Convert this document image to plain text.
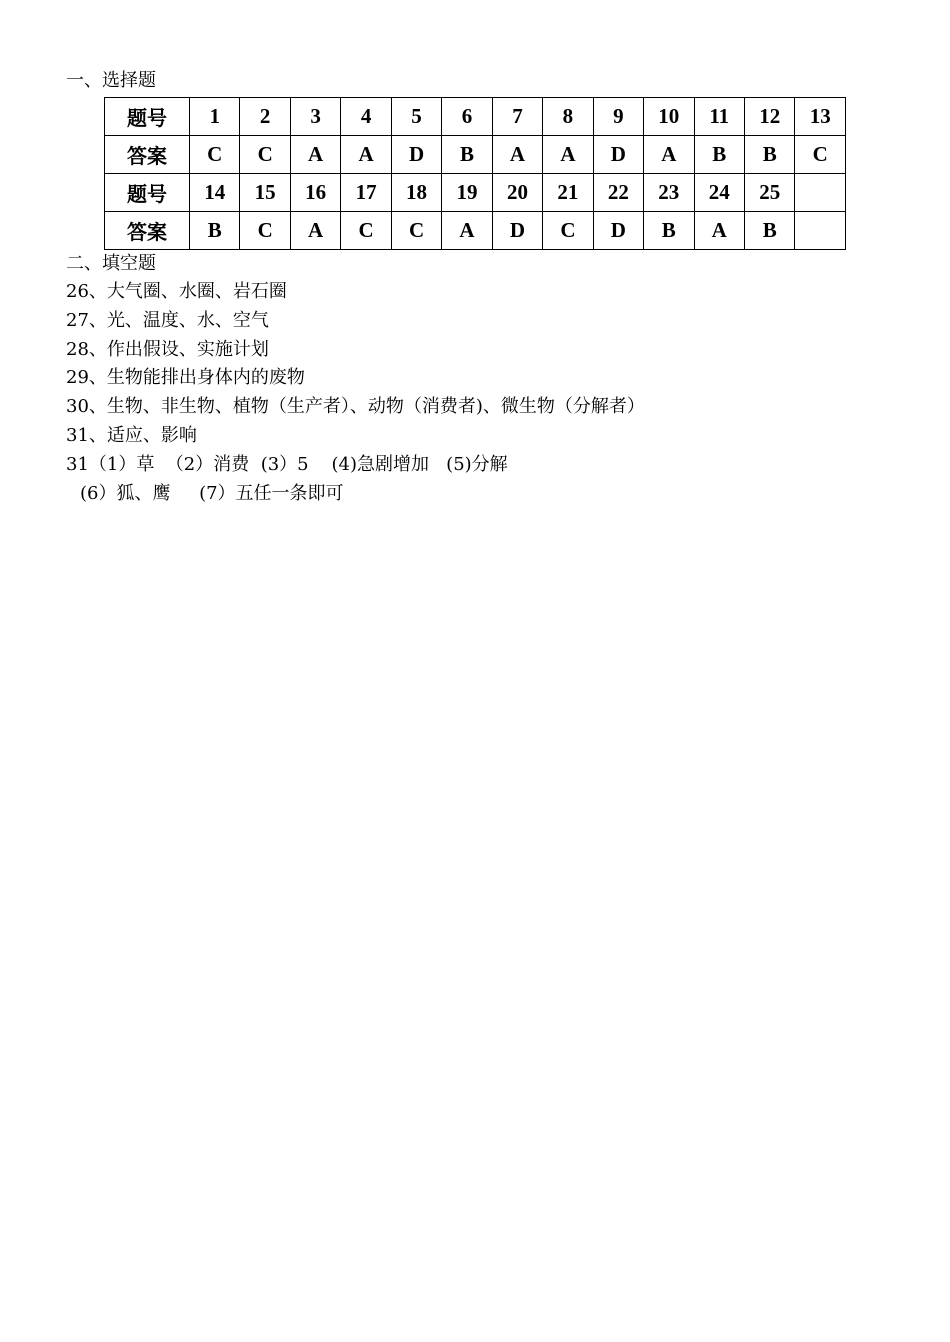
一、选择题
题号	1	2	3	4	5	6	7	8	9	10	11	12	13
答案	C	C	A	A	D	B	A	A	D	A	B	B	C
题号	14	15	16	17	18	19	20	21	22	23	24	25	
答案	B	C	A	C	C	A	D	C	D	B	A	B	
二、填空题
26、大气圈、水圈、岩石圈
27、光、温度、水、空气
28、作出假设、实施计划
29、生物能排出身体内的废物
30、生物、非生物、植物（生产者）、动物（消费者)、微生物（分解者）
31、适应、影响
31（1）草  （2）消费  (3）5    (4)急剧增加   (5)分解
(6）狐、鹰     (7）五任一条即可
